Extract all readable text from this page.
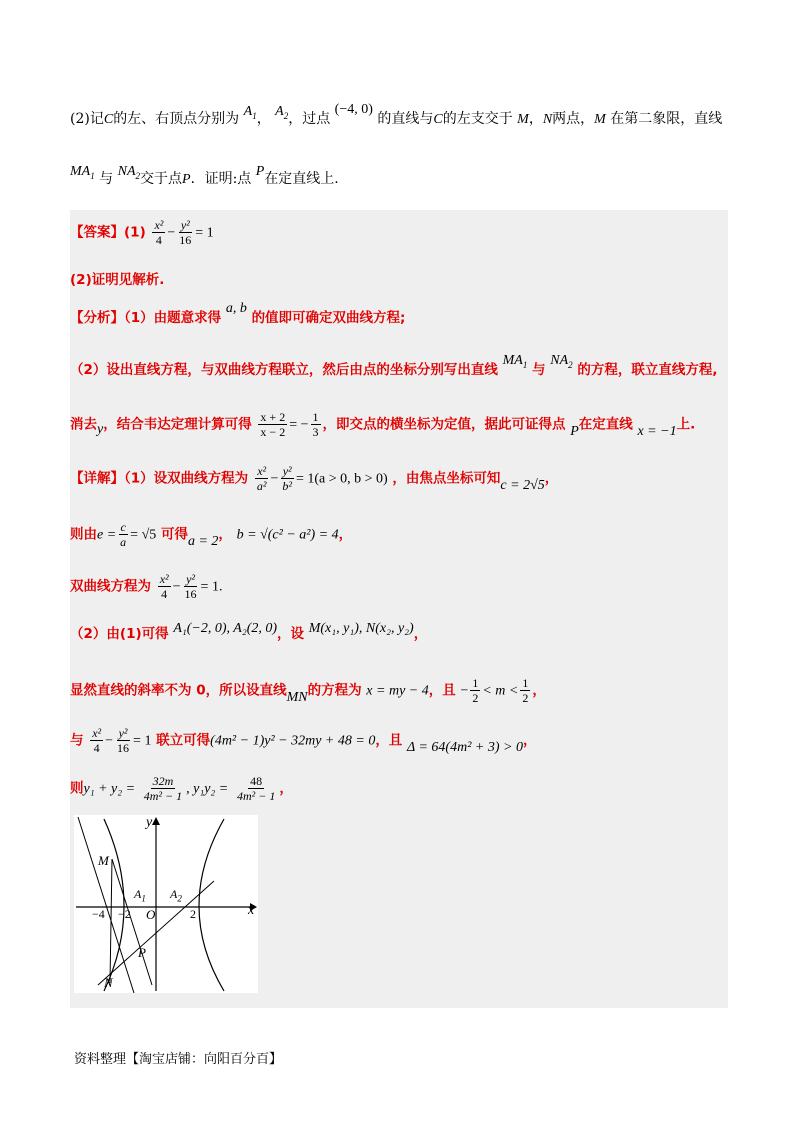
(2)记C的左、右顶点分别为 $A_1$， $A_2$，过点 (−4, 0) 的直线与C的左支交于 M，N两点，M 在第二象限，直线
$MA_1$ 与 $NA_2$交于点P．证明:点 P在定直线上.
【答案】$(1) \frac{\text{x²}}{4} - \frac{\text{y²}}{16} = 1$
(2)证明见解析.
【分析】（1）由题意求得 a, b 的值即可确定双曲线方程;
（2）设出直线方程，与双曲线方程联立，然后由点的坐标分别写出直线 $MA_1$ 与 $NA_2$ 的方程，联立直线方程,
消去y，结合韦达定理计算可得 $\frac{x + 2}{x - 2}$ = − $\frac{1}{3}$ ，即交点的横坐标为定值，据此可证得点 P在定直线 x = −1上.
【详解】（1）设双曲线方程为 $\frac{\text{x²}}{\text{a²}} - \frac{\text{y²}}{\text{b²}} = 1(a > 0$, b > 0) ，由焦点坐标可知c = 2√5，
则由$e = \frac{c}{a} = √5$ 可得a = 2， b = √(c² − a²) = 4，
双曲线方程为 $\frac{\text{x²}}{4} - \frac{\text{y²}}{16} = 1$.
（2）由(1)可得 A₁(−2, 0), A₂(2, 0)，设 M(x₁, y₁), N(x₂, y₂)，
显然直线的斜率不为 0，所以设直线MN的方程为 x = my − 4，且 − $\frac{1}{2} < m < \frac{1}{2}$ ，
与 $\frac{\text{x²}}{4} - \frac{\text{y²}}{16} = 1$ 联立可得(4m² − 1)y² − 32my + 48 = 0，且 Δ = 64(4m² + 3) > 0，
则$y_1 + y_2 = \frac{32m}{\text{4m² − 1}}$ , $y_1y_2 = \frac{48}{\text{4m² − 1}}$ ，
y
x
M
N
P
O
$A_1$ $A_2$
−4 −2	2
资料整理【淘宝店铺：向阳百分百】
